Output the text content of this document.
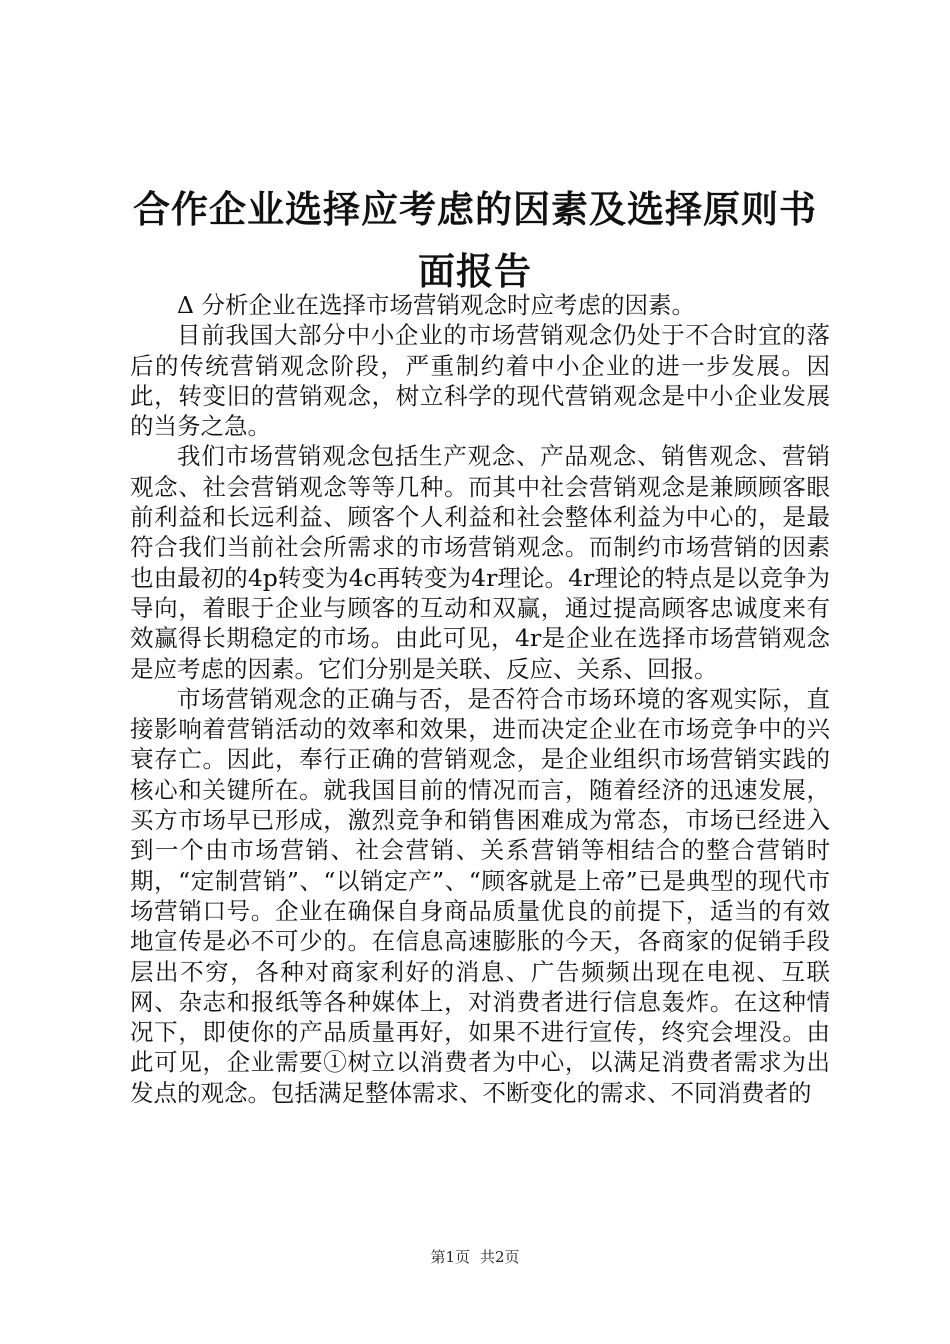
合作企业选择应考虑的因素及选择原则书面报告

Δ 分析企业在选择市场营销观念时应考虑的因素。

目前我国大部分中小企业的市场营销观念仍处于不合时宜的落后的传统营销观念阶段，严重制约着中小企业的进一步发展。因此，转变旧的营销观念，树立科学的现代营销观念是中小企业发展的当务之急。

我们市场营销观念包括生产观念、产品观念、销售观念、营销观念、社会营销观念等等几种。而其中社会营销观念是兼顾顾客眼前利益和长远利益、顾客个人利益和社会整体利益为中心的，是最符合我们当前社会所需求的市场营销观念。而制约市场营销的因素也由最初的4p转变为4c再转变为4r理论。4r理论的特点是以竞争为导向，着眼于企业与顾客的互动和双赢，通过提高顾客忠诚度来有效赢得长期稳定的市场。由此可见，4r是企业在选择市场营销观念是应考虑的因素。它们分别是关联、反应、关系、回报。

市场营销观念的正确与否，是否符合市场环境的客观实际，直接影响着营销活动的效率和效果，进而决定企业在市场竞争中的兴衰存亡。因此，奉行正确的营销观念，是企业组织市场营销实践的核心和关键所在。就我国目前的情况而言，随着经济的迅速发展，买方市场早已形成，激烈竞争和销售困难成为常态，市场已经进入到一个由市场营销、社会营销、关系营销等相结合的整合营销时期，“定制营销”、“以销定产”、“顾客就是上帝”已是典型的现代市场营销口号。企业在确保自身商品质量优良的前提下，适当的有效地宣传是必不可少的。在信息高速膨胀的今天，各商家的促销手段层出不穷，各种对商家利好的消息、广告频频出现在电视、互联网、杂志和报纸等各种媒体上，对消费者进行信息轰炸。在这种情况下，即使你的产品质量再好，如果不进行宣传，终究会埋没。由此可见，企业需要①树立以消费者为中心，以满足消费者需求为出发点的观念。包括满足整体需求、不断变化的需求、不同消费者的

第1页 共2页
